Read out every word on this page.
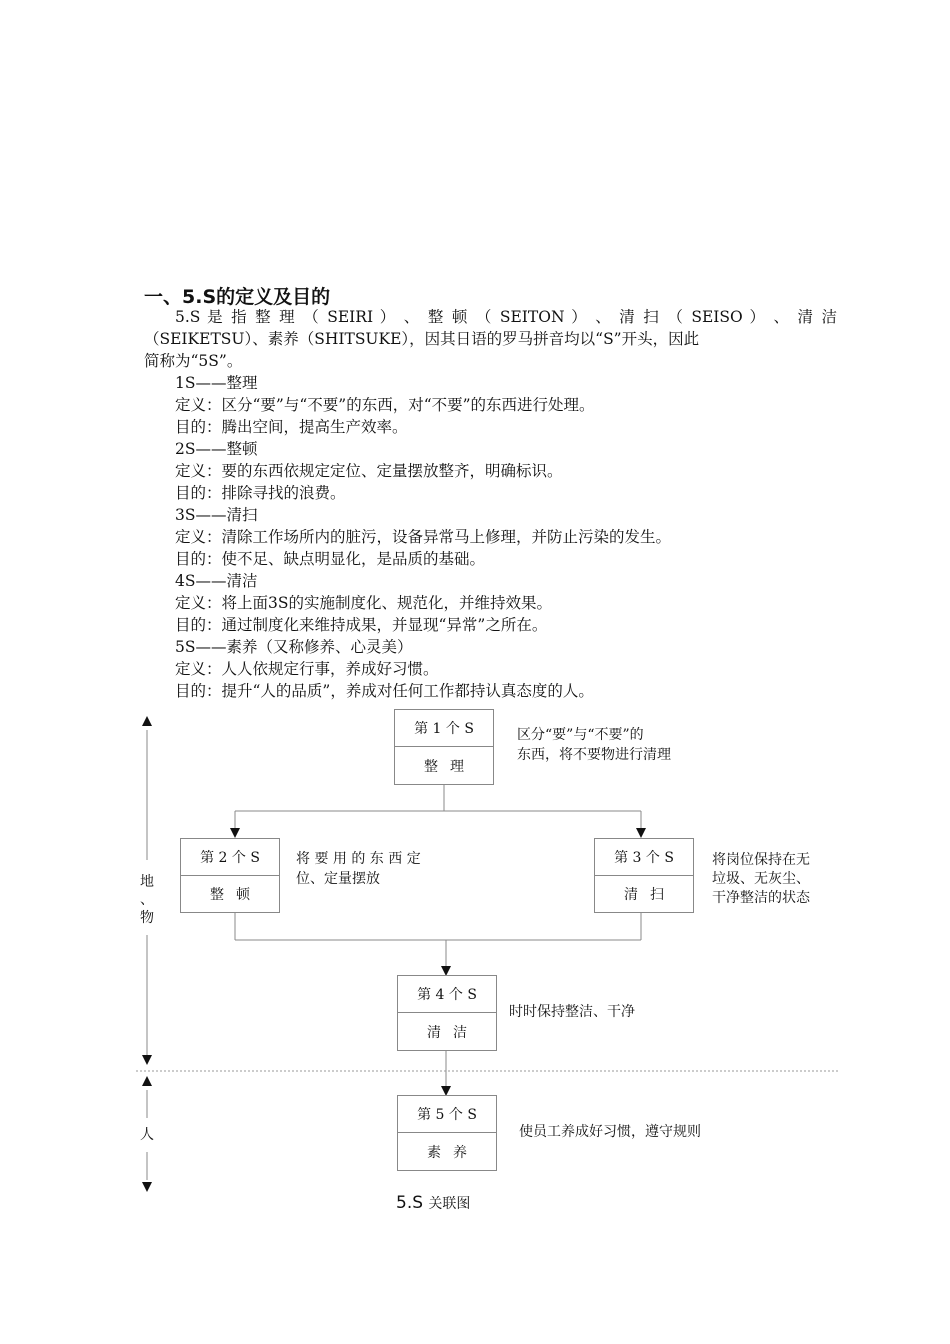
一、5.S的定义及目的
5.S 是 指 整 理 （ SEIRI ） 、 整 顿 （ SEITON ） 、 清 扫 （ SEISO ） 、 清 洁
（SEIKETSU）、素养（SHITSUKE），因其日语的罗马拼音均以“S”开头，因此
简称为“5S”。
1S——整理
定义：区分“要”与“不要”的东西，对“不要”的东西进行处理。
目的：腾出空间，提高生产效率。
2S——整顿
定义：要的东西依规定定位、定量摆放整齐，明确标识。
目的：排除寻找的浪费。
3S——清扫
定义：清除工作场所内的脏污，设备异常马上修理，并防止污染的发生。
目的：使不足、缺点明显化，是品质的基础。
4S——清洁
定义：将上面3S的实施制度化、规范化，并维持效果。
目的：通过制度化来维持成果，并显现“异常”之所在。
5S——素养（又称修养、心灵美）
定义：人人依规定行事，养成好习惯。
目的：提升“人的品质”，养成对任何工作都持认真态度的人。
第 1 个 S
整理
第 2 个 S
整顿
第 3 个 S
清扫
第 4 个 S
清洁
第 5 个 S
素养
区分“要”与“不要”的
东西，将不要物进行清理
将 要 用 的 东 西 定
位、定量摆放
将岗位保持在无
垃圾、无灰尘、
干净整洁的状态
时时保持整洁、干净
使员工养成好习惯，遵守规则
地
、
物
人
5.S 关联图
